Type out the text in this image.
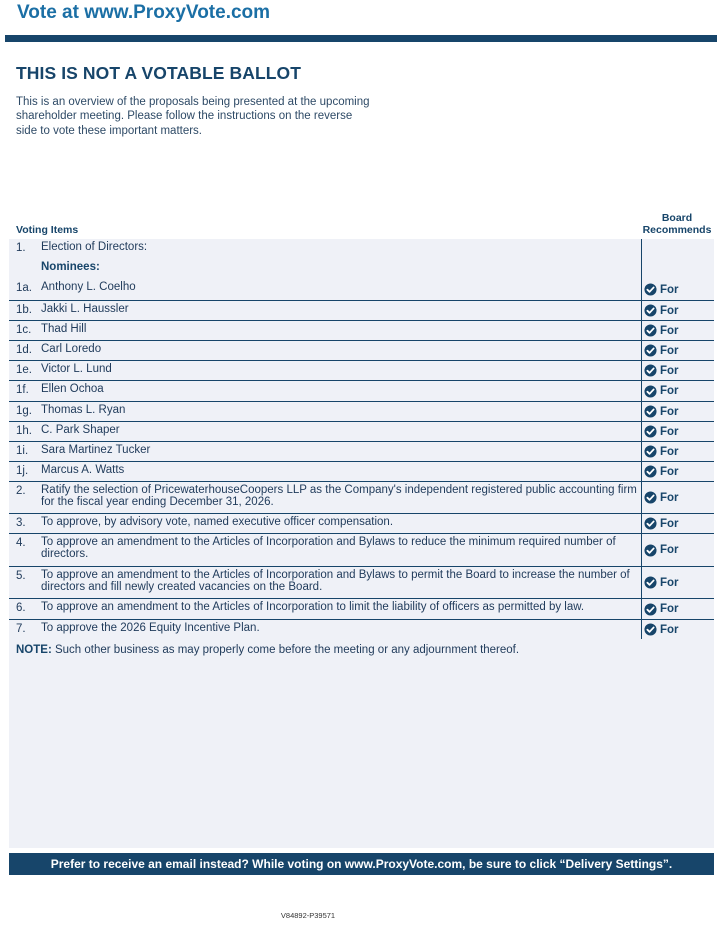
Vote at www.ProxyVote.com
THIS IS NOT A VOTABLE BALLOT
This is an overview of the proposals being presented at the upcoming shareholder meeting. Please follow the instructions on the reverse side to vote these important matters.
Voting Items
Board
Recommends
1. Election of Directors:
Nominees:
1a. Anthony L. Coelho	For
1b. Jakki L. Haussler	For
1c. Thad Hill	For
1d. Carl Loredo	For
1e. Victor L. Lund	For
1f. Ellen Ochoa	For
1g. Thomas L. Ryan	For
1h. C. Park Shaper	For
1i. Sara Martinez Tucker	For
1j. Marcus A. Watts	For
2. Ratify the selection of PricewaterhouseCoopers LLP as the Company's independent registered public accounting firm for the fiscal year ending December 31, 2026.	For
3. To approve, by advisory vote, named executive officer compensation.	For
4. To approve an amendment to the Articles of Incorporation and Bylaws to reduce the minimum required number of directors.	For
5. To approve an amendment to the Articles of Incorporation and Bylaws to permit the Board to increase the number of directors and fill newly created vacancies on the Board.	For
6. To approve an amendment to the Articles of Incorporation to limit the liability of officers as permitted by law.	For
7. To approve the 2026 Equity Incentive Plan.	For
NOTE: Such other business as may properly come before the meeting or any adjournment thereof.
Prefer to receive an email instead? While voting on www.ProxyVote.com, be sure to click “Delivery Settings”.
V84892-P39571
